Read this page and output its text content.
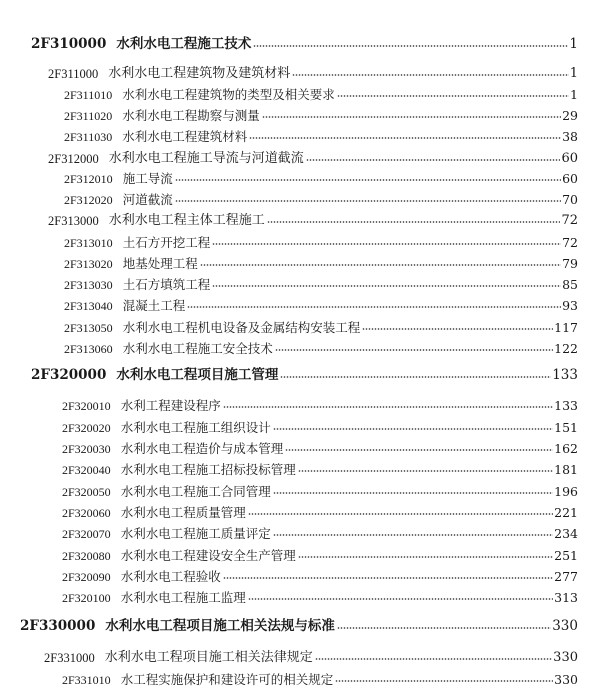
2F310000 水利水电工程施工技术	1
2F311000 水利水电工程建筑物及建筑材料	1
2F311010 水利水电工程建筑物的类型及相关要求	1
2F311020 水利水电工程勘察与测量	29
2F311030 水利水电工程建筑材料	38
2F312000 水利水电工程施工导流与河道截流	60
2F312010 施工导流	60
2F312020 河道截流	70
2F313000 水利水电工程主体工程施工	72
2F313010 土石方开挖工程	72
2F313020 地基处理工程	79
2F313030 土石方填筑工程	85
2F313040 混凝土工程	93
2F313050 水利水电工程机电设备及金属结构安装工程	117
2F313060 水利水电工程施工安全技术	122
2F320000 水利水电工程项目施工管理	133
2F320010 水利工程建设程序	133
2F320020 水利水电工程施工组织设计	151
2F320030 水利水电工程造价与成本管理	162
2F320040 水利水电工程施工招标投标管理	181
2F320050 水利水电工程施工合同管理	196
2F320060 水利水电工程质量管理	221
2F320070 水利水电工程施工质量评定	234
2F320080 水利水电工程建设安全生产管理	251
2F320090 水利水电工程验收	277
2F320100 水利水电工程施工监理	313
2F330000 水利水电工程项目施工相关法规与标准	330
2F331000 水利水电工程项目施工相关法律规定	330
2F331010 水工程实施保护和建设许可的相关规定	330
